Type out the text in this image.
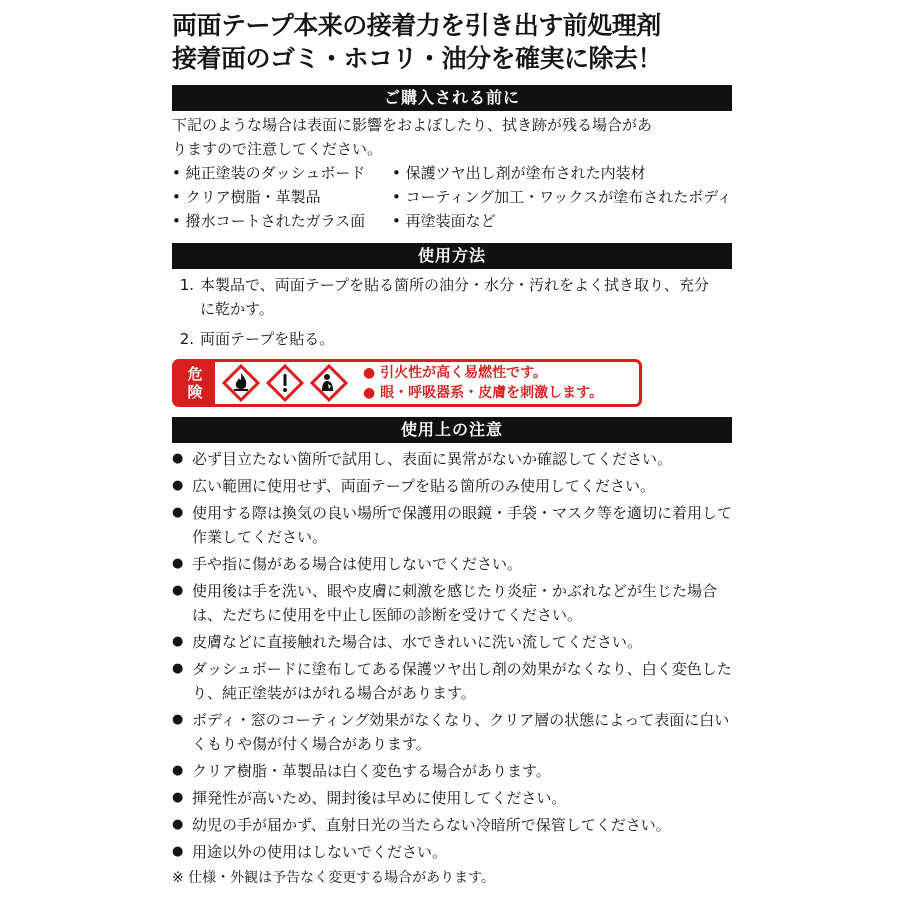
両面テープ本来の接着力を引き出す前処理剤

接着面のゴミ・ホコリ・油分を確実に除去！

ご購入される前に
下記のような場合は表面に影響をおよぼしたり、拭き跡が残る場合があ
りますので注意してください。
• 純正塗装のダッシュボード	• 保護ツヤ出し剤が塗布された内装材
• クリア樹脂・革製品	• コーティング加工・ワックスが塗布されたボディ
• 撥水コートされたガラス面	• 再塗装面など
使用方法
1. 本製品で、両面テープを貼る箇所の油分・水分・汚れをよく拭き取り、充分に乾かす。
2. 両面テープを貼る。
危
険
● 引火性が高く易燃性です。
● 眼・呼吸器系・皮膚を刺激します。
使用上の注意
● 必ず目立たない箇所で試用し、表面に異常がないか確認してください。
● 広い範囲に使用せず、両面テープを貼る箇所のみ使用してください。
● 使用する際は換気の良い場所で保護用の眼鏡・手袋・マスク等を適切に着用して作業してください。
● 手や指に傷がある場合は使用しないでください。
● 使用後は手を洗い、眼や皮膚に刺激を感じたり炎症・かぶれなどが生じた場合は、ただちに使用を中止し医師の診断を受けてください。
● 皮膚などに直接触れた場合は、水できれいに洗い流してください。
● ダッシュボードに塗布してある保護ツヤ出し剤の効果がなくなり、白く変色したり、純正塗装がはがれる場合があります。
● ボディ・窓のコーティング効果がなくなり、クリア層の状態によって表面に白いくもりや傷が付く場合があります。
● クリア樹脂・革製品は白く変色する場合があります。
● 揮発性が高いため、開封後は早めに使用してください。
● 幼児の手が届かず、直射日光の当たらない冷暗所で保管してください。
● 用途以外の使用はしないでください。
※ 仕様・外観は予告なく変更する場合があります。
